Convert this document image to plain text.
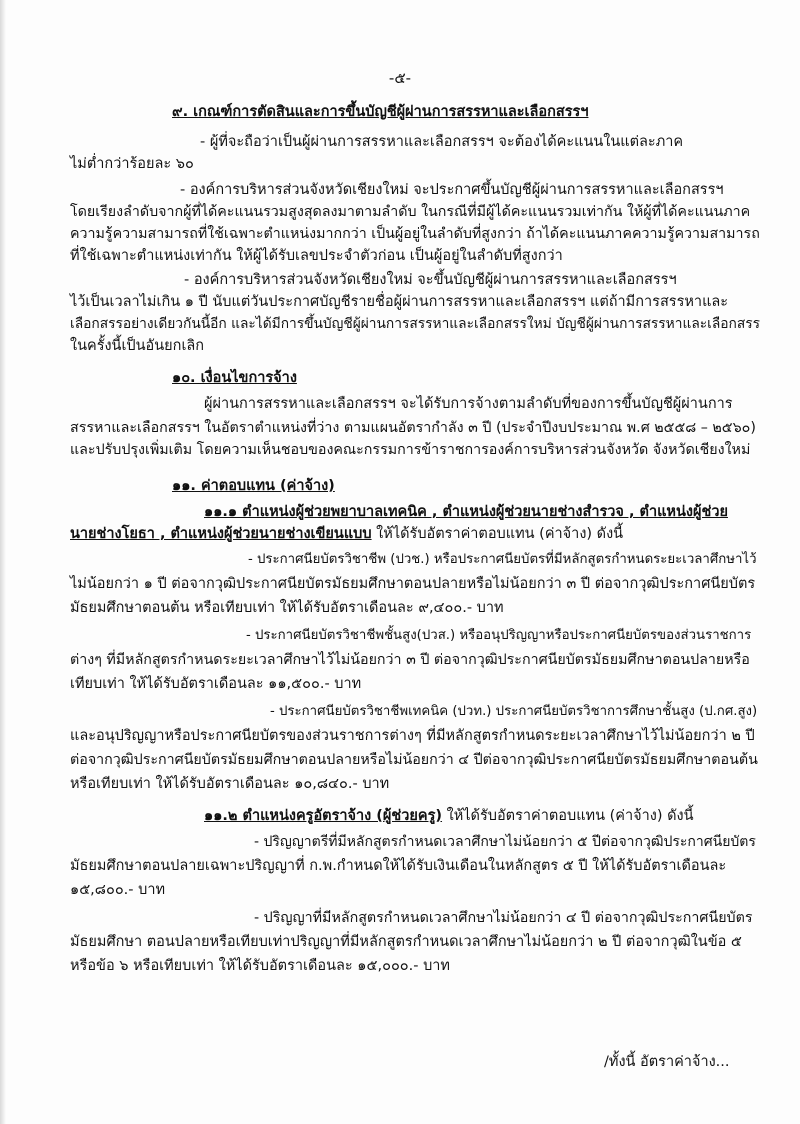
-๕-
๙. เกณฑ์การตัดสินและการขึ้นบัญชีผู้ผ่านการสรรหาและเลือกสรรฯ
- ผู้ที่จะถือว่าเป็นผู้ผ่านการสรรหาและเลือกสรรฯ จะต้องได้คะแนนในแต่ละภาค
ไม่ต่ำกว่าร้อยละ ๖๐
- องค์การบริหารส่วนจังหวัดเชียงใหม่ จะประกาศขึ้นบัญชีผู้ผ่านการสรรหาและเลือกสรรฯ
โดยเรียงลำดับจากผู้ที่ได้คะแนนรวมสูงสุดลงมาตามลำดับ ในกรณีที่มีผู้ได้คะแนนรวมเท่ากัน ให้ผู้ที่ได้คะแนนภาค
ความรู้ความสามารถที่ใช้เฉพาะตำแหน่งมากกว่า เป็นผู้อยู่ในลำดับที่สูงกว่า ถ้าได้คะแนนภาคความรู้ความสามารถ
ที่ใช้เฉพาะตำแหน่งเท่ากัน ให้ผู้ได้รับเลขประจำตัวก่อน เป็นผู้อยู่ในลำดับที่สูงกว่า
- องค์การบริหารส่วนจังหวัดเชียงใหม่ จะขึ้นบัญชีผู้ผ่านการสรรหาและเลือกสรรฯ
ไว้เป็นเวลาไม่เกิน ๑ ปี นับแต่วันประกาศบัญชีรายชื่อผู้ผ่านการสรรหาและเลือกสรรฯ แต่ถ้ามีการสรรหาและ
เลือกสรรอย่างเดียวกันนี้อีก และได้มีการขึ้นบัญชีผู้ผ่านการสรรหาและเลือกสรรใหม่ บัญชีผู้ผ่านการสรรหาและเลือกสรร
ในครั้งนี้เป็นอันยกเลิก
๑๐. เงื่อนไขการจ้าง
ผู้ผ่านการสรรหาและเลือกสรรฯ จะได้รับการจ้างตามลำดับที่ของการขึ้นบัญชีผู้ผ่านการ
สรรหาและเลือกสรรฯ ในอัตราตำแหน่งที่ว่าง ตามแผนอัตรากำลัง ๓ ปี (ประจำปีงบประมาณ พ.ศ ๒๕๕๘ – ๒๕๖๐)
และปรับปรุงเพิ่มเติม โดยความเห็นชอบของคณะกรรมการข้าราชการองค์การบริหารส่วนจังหวัด จังหวัดเชียงใหม่
๑๑. ค่าตอบแทน (ค่าจ้าง)
๑๑.๑ ตำแหน่งผู้ช่วยพยาบาลเทคนิค , ตำแหน่งผู้ช่วยนายช่างสำรวจ , ตำแหน่งผู้ช่วย
นายช่างโยธา , ตำแหน่งผู้ช่วยนายช่างเขียนแบบ ให้ได้รับอัตราค่าตอบแทน (ค่าจ้าง) ดังนี้
- ประกาศนียบัตรวิชาชีพ (ปวช.) หรือประกาศนียบัตรที่มีหลักสูตรกำหนดระยะเวลาศึกษาไว้
ไม่น้อยกว่า ๑ ปี ต่อจากวุฒิประกาศนียบัตรมัธยมศึกษาตอนปลายหรือไม่น้อยกว่า ๓ ปี ต่อจากวุฒิประกาศนียบัตร
มัธยมศึกษาตอนต้น หรือเทียบเท่า ให้ได้รับอัตราเดือนละ ๙,๔๐๐.- บาท
- ประกาศนียบัตรวิชาชีพชั้นสูง(ปวส.) หรืออนุปริญญาหรือประกาศนียบัตรของส่วนราชการ
ต่างๆ ที่มีหลักสูตรกำหนดระยะเวลาศึกษาไว้ไม่น้อยกว่า ๓ ปี ต่อจากวุฒิประกาศนียบัตรมัธยมศึกษาตอนปลายหรือ
เทียบเท่า ให้ได้รับอัตราเดือนละ ๑๑,๕๐๐.- บาท
- ประกาศนียบัตรวิชาชีพเทคนิค (ปวท.) ประกาศนียบัตรวิชาการศึกษาชั้นสูง (ป.กศ.สูง)
และอนุปริญญาหรือประกาศนียบัตรของส่วนราชการต่างๆ ที่มีหลักสูตรกำหนดระยะเวลาศึกษาไว้ไม่น้อยกว่า ๒ ปี
ต่อจากวุฒิประกาศนียบัตรมัธยมศึกษาตอนปลายหรือไม่น้อยกว่า ๔ ปีต่อจากวุฒิประกาศนียบัตรมัธยมศึกษาตอนต้น
หรือเทียบเท่า ให้ได้รับอัตราเดือนละ ๑๐,๘๔๐.- บาท
๑๑.๒ ตำแหน่งครูอัตราจ้าง (ผู้ช่วยครู) ให้ได้รับอัตราค่าตอบแทน (ค่าจ้าง) ดังนี้
- ปริญญาตรีที่มีหลักสูตรกำหนดเวลาศึกษาไม่น้อยกว่า ๕ ปีต่อจากวุฒิประกาศนียบัตร
มัธยมศึกษาตอนปลายเฉพาะปริญญาที่ ก.พ.กำหนดให้ได้รับเงินเดือนในหลักสูตร ๕ ปี ให้ได้รับอัตราเดือนละ
๑๕,๘๐๐.- บาท
- ปริญญาที่มีหลักสูตรกำหนดเวลาศึกษาไม่น้อยกว่า ๔ ปี ต่อจากวุฒิประกาศนียบัตร
มัธยมศึกษา ตอนปลายหรือเทียบเท่าปริญญาที่มีหลักสูตรกำหนดเวลาศึกษาไม่น้อยกว่า ๒ ปี ต่อจากวุฒิในข้อ ๕
หรือข้อ ๖ หรือเทียบเท่า ให้ได้รับอัตราเดือนละ ๑๕,๐๐๐.- บาท
/ทั้งนี้ อัตราค่าจ้าง...
